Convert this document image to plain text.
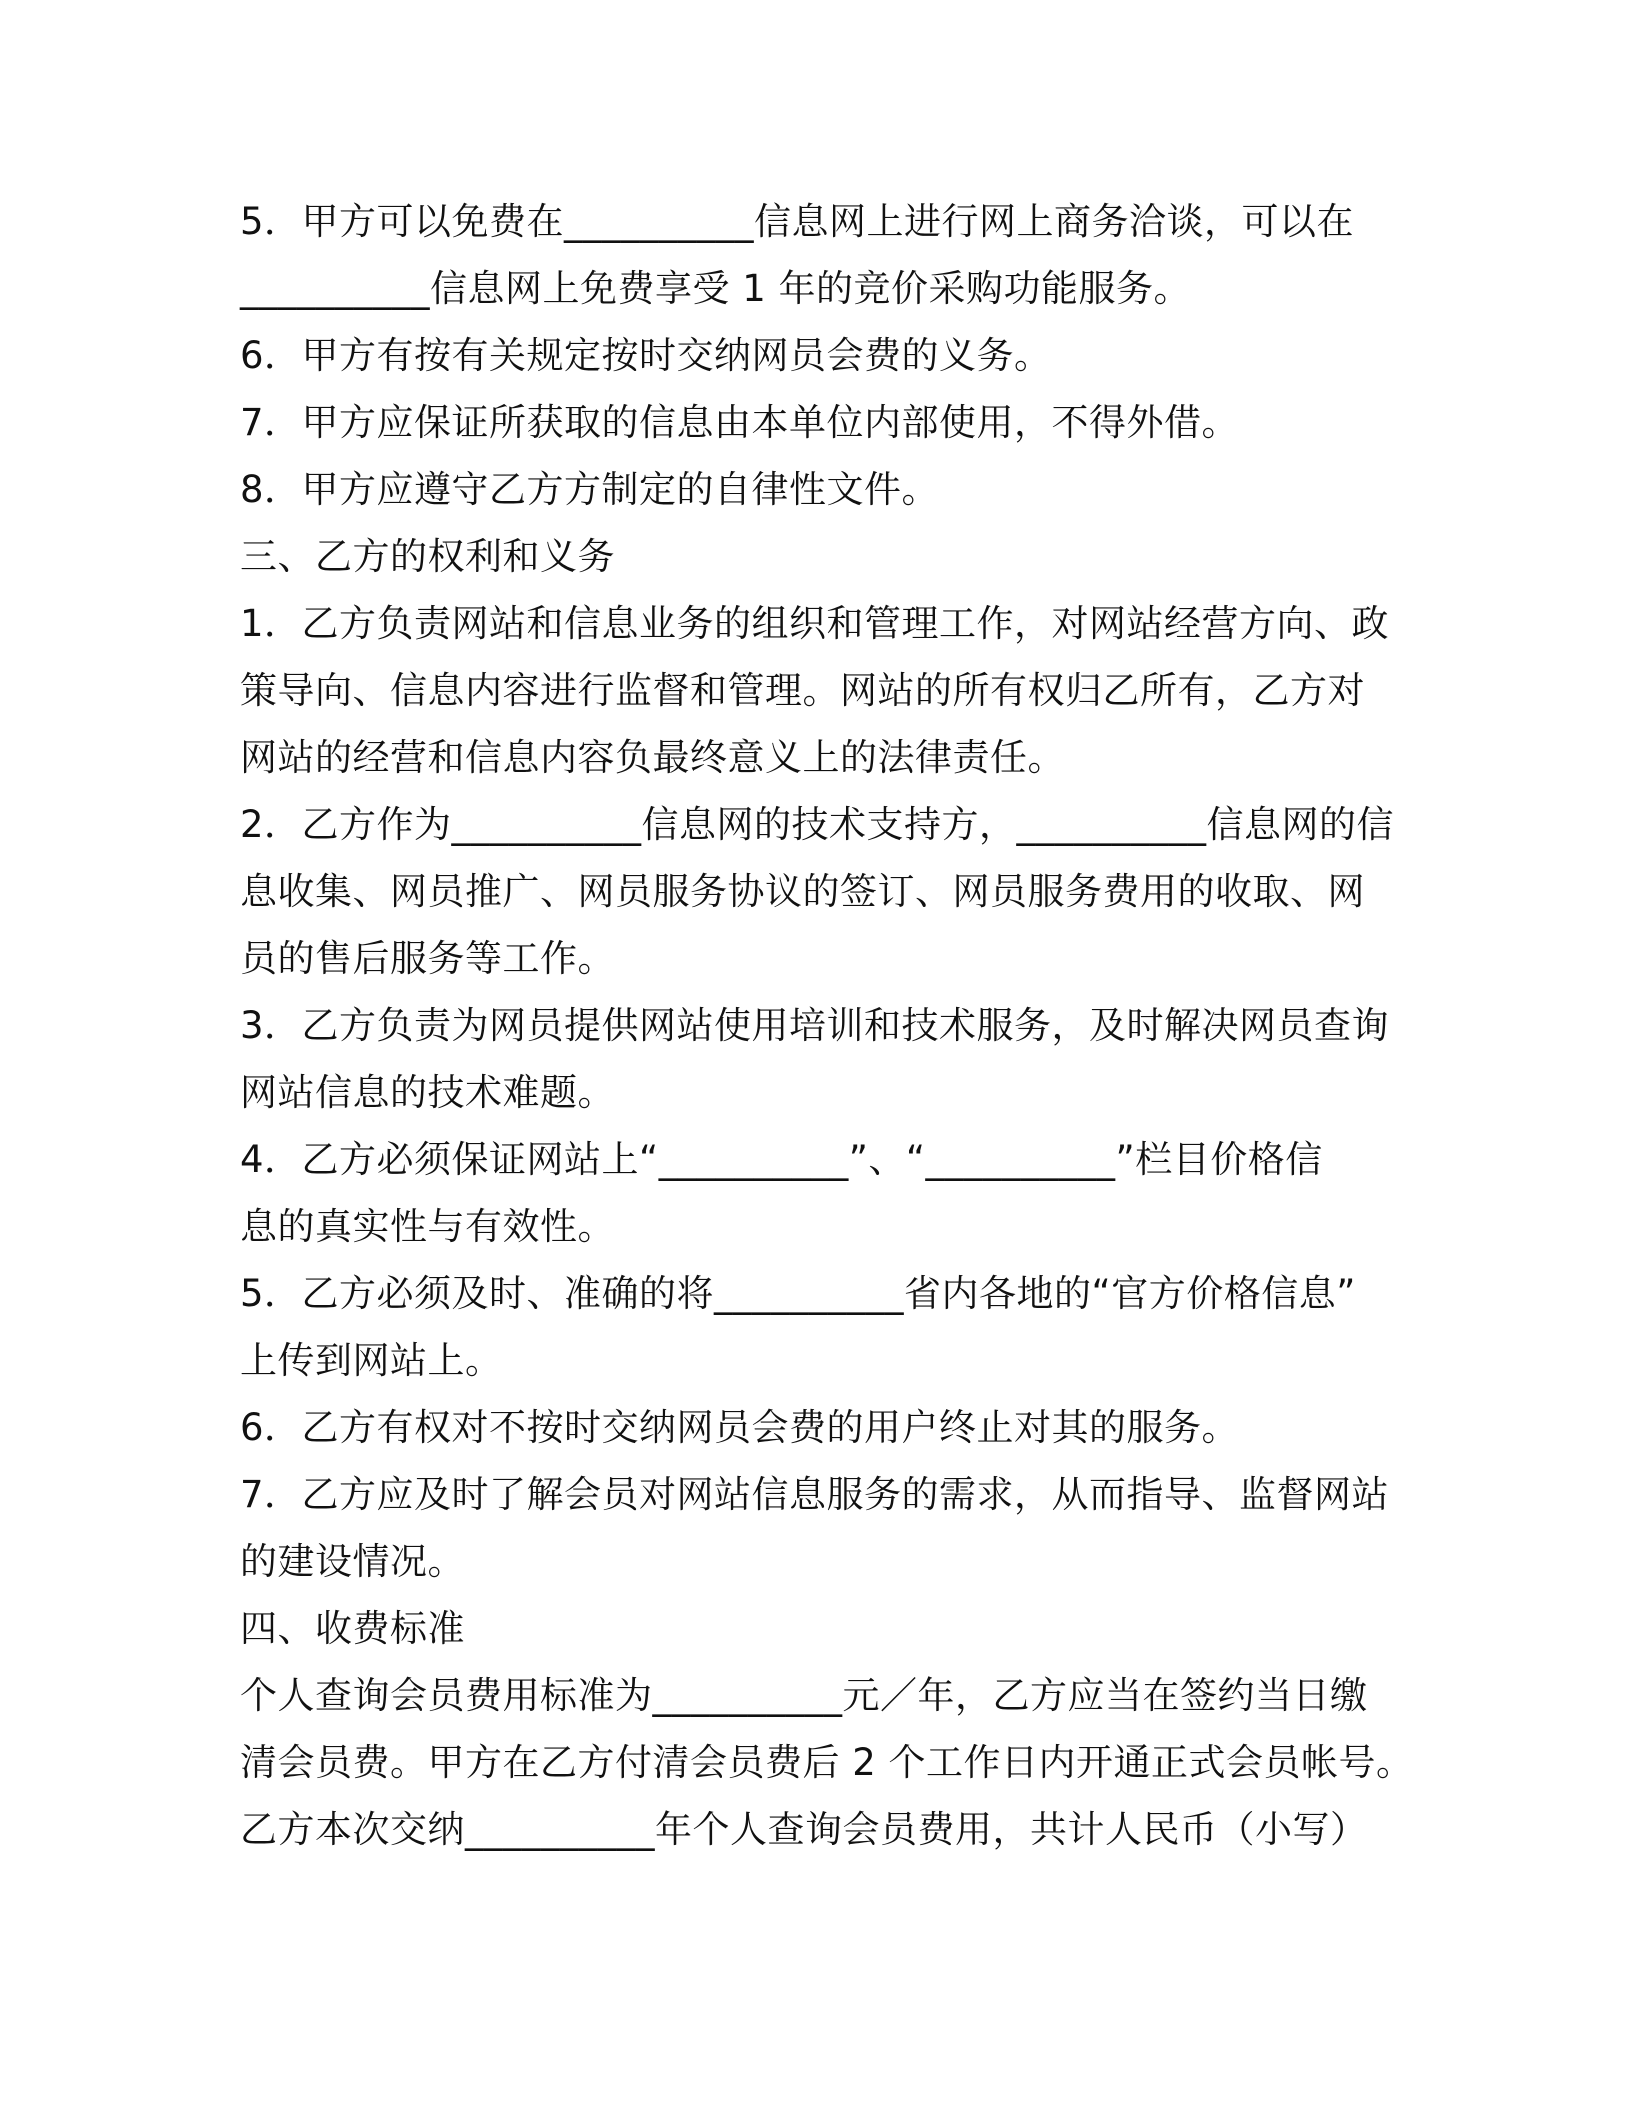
5．甲方可以免费在__________信息网上进行网上商务洽谈，可以在
__________信息网上免费享受 1 年的竞价采购功能服务。
6．甲方有按有关规定按时交纳网员会费的义务。
7．甲方应保证所获取的信息由本单位内部使用，不得外借。
8．甲方应遵守乙方方制定的自律性文件。
三、乙方的权利和义务
1．乙方负责网站和信息业务的组织和管理工作，对网站经营方向、政
策导向、信息内容进行监督和管理。网站的所有权归乙所有，乙方对
网站的经营和信息内容负最终意义上的法律责任。
2．乙方作为__________信息网的技术支持方，__________信息网的信
息收集、网员推广、网员服务协议的签订、网员服务费用的收取、网
员的售后服务等工作。
3．乙方负责为网员提供网站使用培训和技术服务，及时解决网员查询
网站信息的技术难题。
4．乙方必须保证网站上“__________”、“__________”栏目价格信
息的真实性与有效性。
5．乙方必须及时、准确的将__________省内各地的“官方价格信息”
上传到网站上。
6．乙方有权对不按时交纳网员会费的用户终止对其的服务。
7．乙方应及时了解会员对网站信息服务的需求，从而指导、监督网站
的建设情况。
四、收费标准
个人查询会员费用标准为__________元／年，乙方应当在签约当日缴
清会员费。甲方在乙方付清会员费后 2 个工作日内开通正式会员帐号。
乙方本次交纳__________年个人查询会员费用，共计人民币（小写）
